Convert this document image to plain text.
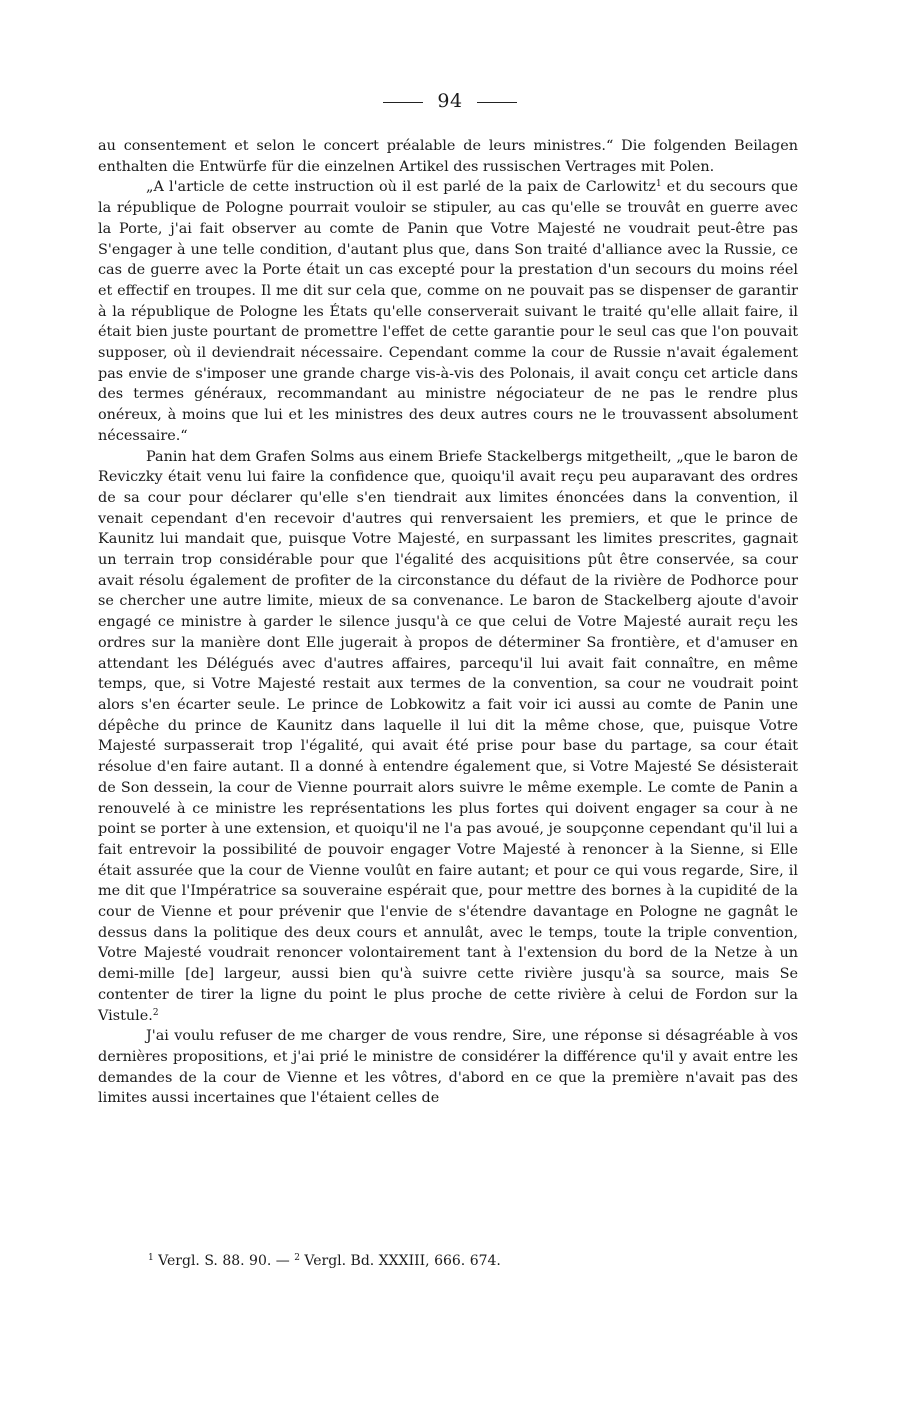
94

au consentement et selon le concert préalable de leurs ministres.“ Die folgenden Beilagen enthalten die Entwürfe für die einzelnen Artikel des russischen Vertrages mit Polen.

„A l'article de cette instruction où il est parlé de la paix de Carlowitz$^1$ et du secours que la république de Pologne pourrait vouloir se stipuler, au cas qu'elle se trouvât en guerre avec la Porte, j'ai fait observer au comte de Panin que Votre Majesté ne voudrait peut-être pas S'engager à une telle condition, d'autant plus que, dans Son traité d'alliance avec la Russie, ce cas de guerre avec la Porte était un cas excepté pour la prestation d'un secours du moins réel et effectif en troupes. Il me dit sur cela que, comme on ne pouvait pas se dispenser de garantir à la république de Pologne les États qu'elle conserverait suivant le traité qu'elle allait faire, il était bien juste pourtant de promettre l'effet de cette garantie pour le seul cas que l'on pouvait supposer, où il deviendrait nécessaire. Cependant comme la cour de Russie n'avait également pas envie de s'imposer une grande charge vis-à-vis des Polonais, il avait conçu cet article dans des termes généraux, recommandant au ministre négociateur de ne pas le rendre plus onéreux, à moins que lui et les ministres des deux autres cours ne le trouvassent absolument nécessaire.“

Panin hat dem Grafen Solms aus einem Briefe Stackelbergs mitgetheilt, „que le baron de Reviczky était venu lui faire la confidence que, quoiqu'il avait reçu peu auparavant des ordres de sa cour pour déclarer qu'elle s'en tiendrait aux limites énoncées dans la convention, il venait cependant d'en recevoir d'autres qui renversaient les premiers, et que le prince de Kaunitz lui mandait que, puisque Votre Majesté, en surpassant les limites prescrites, gagnait un terrain trop considérable pour que l'égalité des acquisitions pût être conservée, sa cour avait résolu également de profiter de la circonstance du défaut de la rivière de Podhorce pour se chercher une autre limite, mieux de sa convenance. Le baron de Stackelberg ajoute d'avoir engagé ce ministre à garder le silence jusqu'à ce que celui de Votre Majesté aurait reçu les ordres sur la manière dont Elle jugerait à propos de déterminer Sa frontière, et d'amuser en attendant les Délégués avec d'autres affaires, parcequ'il lui avait fait connaître, en même temps, que, si Votre Majesté restait aux termes de la convention, sa cour ne voudrait point alors s'en écarter seule. Le prince de Lobkowitz a fait voir ici aussi au comte de Panin une dépêche du prince de Kaunitz dans laquelle il lui dit la même chose, que, puisque Votre Majesté surpasserait trop l'égalité, qui avait été prise pour base du partage, sa cour était résolue d'en faire autant. Il a donné à entendre également que, si Votre Majesté Se désisterait de Son dessein, la cour de Vienne pourrait alors suivre le même exemple. Le comte de Panin a renouvelé à ce ministre les représentations les plus fortes qui doivent engager sa cour à ne point se porter à une extension, et quoiqu'il ne l'a pas avoué, je soupçonne cependant qu'il lui a fait entrevoir la possibilité de pouvoir engager Votre Majesté à renoncer à la Sienne, si Elle était assurée que la cour de Vienne voulût en faire autant; et pour ce qui vous regarde, Sire, il me dit que l'Impératrice sa souveraine espérait que, pour mettre des bornes à la cupidité de la cour de Vienne et pour prévenir que l'envie de s'étendre davantage en Pologne ne gagnât le dessus dans la politique des deux cours et annulât, avec le temps, toute la triple convention, Votre Majesté voudrait renoncer volontairement tant à l'extension du bord de la Netze à un demi-mille [de] largeur, aussi bien qu'à suivre cette rivière jusqu'à sa source, mais Se contenter de tirer la ligne du point le plus proche de cette rivière à celui de Fordon sur la Vistule.$^2$

J'ai voulu refuser de me charger de vous rendre, Sire, une réponse si désagréable à vos dernières propositions, et j'ai prié le ministre de considérer la différence qu'il y avait entre les demandes de la cour de Vienne et les vôtres, d'abord en ce que la première n'avait pas des limites aussi incertaines que l'étaient celles de

$^1$ Vergl. S. 88. 90. — $^2$ Vergl. Bd. XXXIII, 666. 674.
